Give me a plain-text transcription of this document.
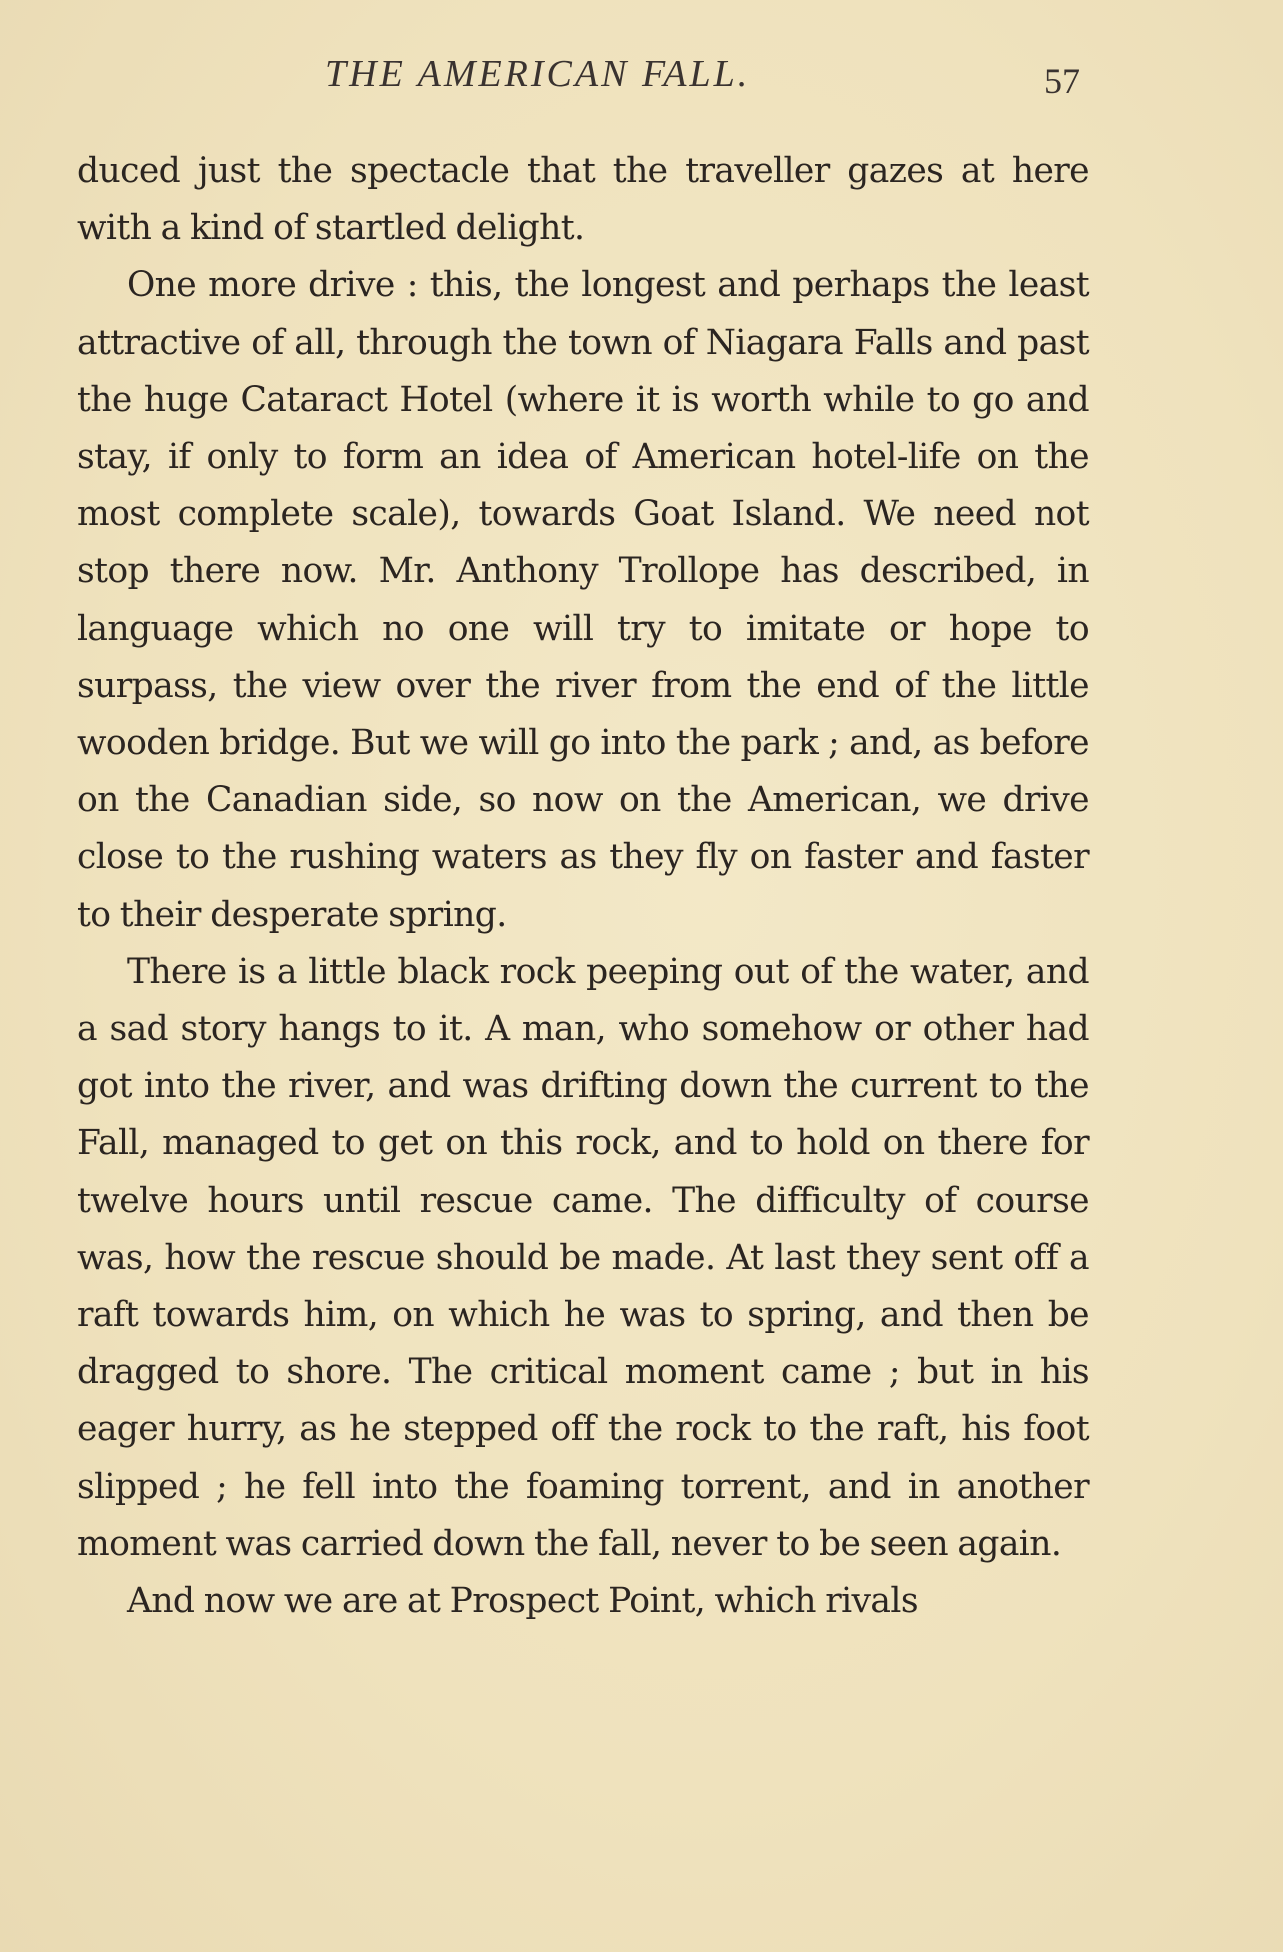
THE AMERICAN FALL.	57

duced just the spectacle that the traveller gazes at here with a kind of startled delight.

One more drive : this, the longest and perhaps the least attractive of all, through the town of Niagara Falls and past the huge Cataract Hotel (where it is worth while to go and stay, if only to form an idea of American hotel-life on the most complete scale), towards Goat Island. We need not stop there now. Mr. Anthony Trollope has described, in language which no one will try to imitate or hope to surpass, the view over the river from the end of the little wooden bridge. But we will go into the park ; and, as before on the Canadian side, so now on the American, we drive close to the rushing waters as they fly on faster and faster to their desperate spring.

There is a little black rock peeping out of the water, and a sad story hangs to it. A man, who somehow or other had got into the river, and was drifting down the current to the Fall, managed to get on this rock, and to hold on there for twelve hours until rescue came. The difficulty of course was, how the rescue should be made. At last they sent off a raft towards him, on which he was to spring, and then be dragged to shore. The critical moment came ; but in his eager hurry, as he stepped off the rock to the raft, his foot slipped ; he fell into the foaming torrent, and in another moment was carried down the fall, never to be seen again.

And now we are at Prospect Point, which rivals
